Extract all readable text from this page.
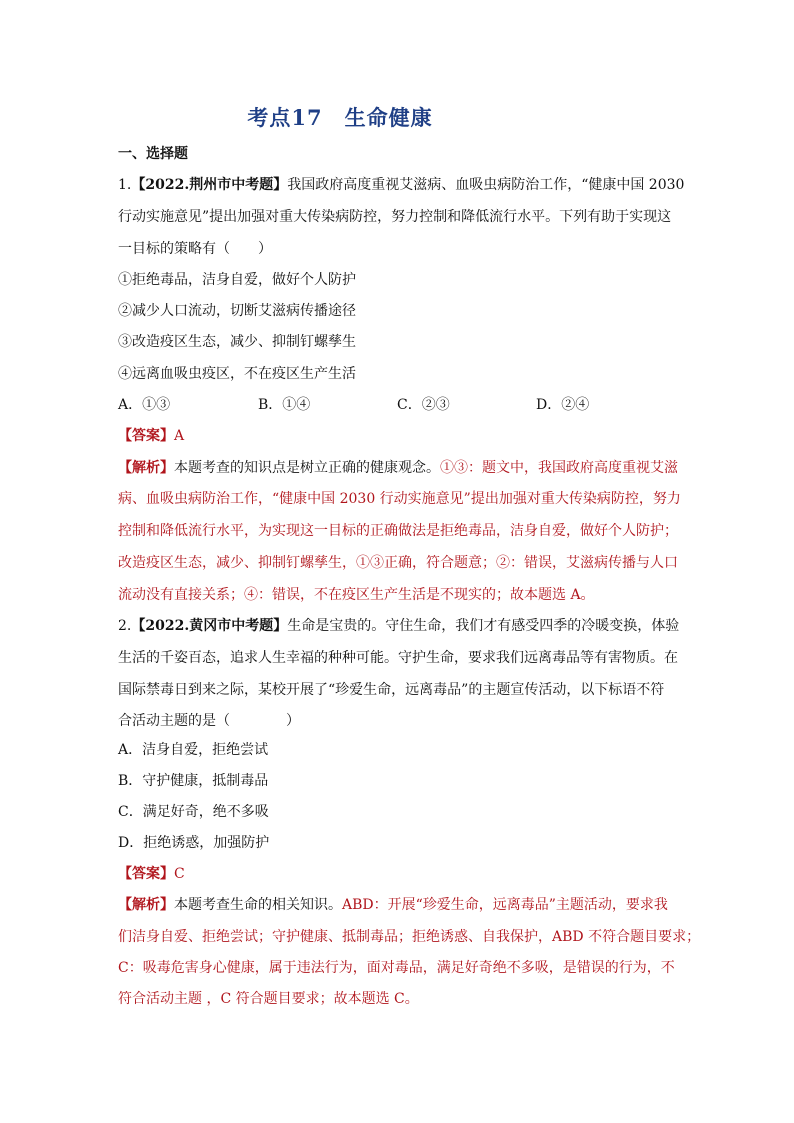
考点17 生命健康
一、选择题
1.【2022.荆州市中考题】我国政府高度重视艾滋病、血吸虫病防治工作，“健康中国 2030
行动实施意见”提出加强对重大传染病防控，努力控制和降低流行水平。下列有助于实现这
一目标的策略有（　　）
①拒绝毒品，洁身自爱，做好个人防护
②减少人口流动，切断艾滋病传播途径
③改造疫区生态，减少、抑制钉螺孳生
④远离血吸虫疫区，不在疫区生产生活
A．①③	B．①④	C．②③	D．②④
【答案】A
【解析】本题考查的知识点是树立正确的健康观念。①③：题文中，我国政府高度重视艾滋
病、血吸虫病防治工作，“健康中国 2030 行动实施意见”提出加强对重大传染病防控，努力
控制和降低流行水平，为实现这一目标的正确做法是拒绝毒品，洁身自爱，做好个人防护；
改造疫区生态，减少、抑制钉螺孳生，①③正确，符合题意；②：错误，艾滋病传播与人口
流动没有直接关系；④：错误，不在疫区生产生活是不现实的；故本题选 A。
2.【2022.黄冈市中考题】生命是宝贵的。守住生命，我们才有感受四季的冷暖变换，体验
生活的千姿百态，追求人生幸福的种种可能。守护生命，要求我们远离毒品等有害物质。在
国际禁毒日到来之际，某校开展了“珍爱生命，远离毒品”的主题宣传活动，以下标语不符
合活动主题的是（　　　　）
A．洁身自爱，拒绝尝试
B．守护健康，抵制毒品
C．满足好奇，绝不多吸
D．拒绝诱惑，加强防护
【答案】C
【解析】本题考查生命的相关知识。ABD：开展“珍爱生命，远离毒品”主题活动，要求我
们洁身自爱、拒绝尝试；守护健康、抵制毒品；拒绝诱惑、自我保护，ABD 不符合题目要求；
C：吸毒危害身心健康，属于违法行为，面对毒品，满足好奇绝不多吸，是错误的行为，不
符合活动主题 ，C 符合题目要求；故本题选 C。
